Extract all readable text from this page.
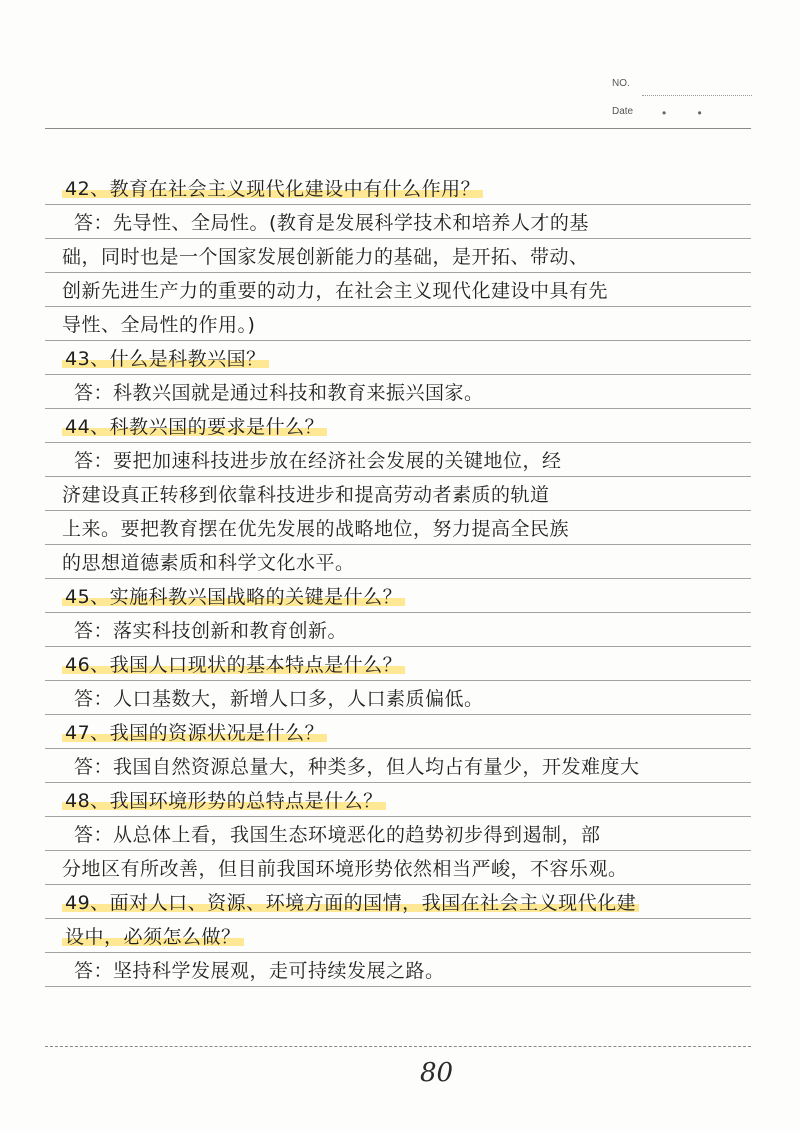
NO.
Date • •
42、教育在社会主义现代化建设中有什么作用？
答：先导性、全局性。(教育是发展科学技术和培养人才的基
础，同时也是一个国家发展创新能力的基础，是开拓、带动、
创新先进生产力的重要的动力，在社会主义现代化建设中具有先
导性、全局性的作用。)
43、什么是科教兴国？
答：科教兴国就是通过科技和教育来振兴国家。
44、科教兴国的要求是什么？
答：要把加速科技进步放在经济社会发展的关键地位，经
济建设真正转移到依靠科技进步和提高劳动者素质的轨道
上来。要把教育摆在优先发展的战略地位，努力提高全民族
的思想道德素质和科学文化水平。
45、实施科教兴国战略的关键是什么？
答：落实科技创新和教育创新。
46、我国人口现状的基本特点是什么？
答：人口基数大，新增人口多，人口素质偏低。
47、我国的资源状况是什么？
答：我国自然资源总量大，种类多，但人均占有量少，开发难度大
48、我国环境形势的总特点是什么？
答：从总体上看，我国生态环境恶化的趋势初步得到遏制，部
分地区有所改善，但目前我国环境形势依然相当严峻，不容乐观。
49、面对人口、资源、环境方面的国情，我国在社会主义现代化建
设中，必须怎么做？
答：坚持科学发展观，走可持续发展之路。
80
